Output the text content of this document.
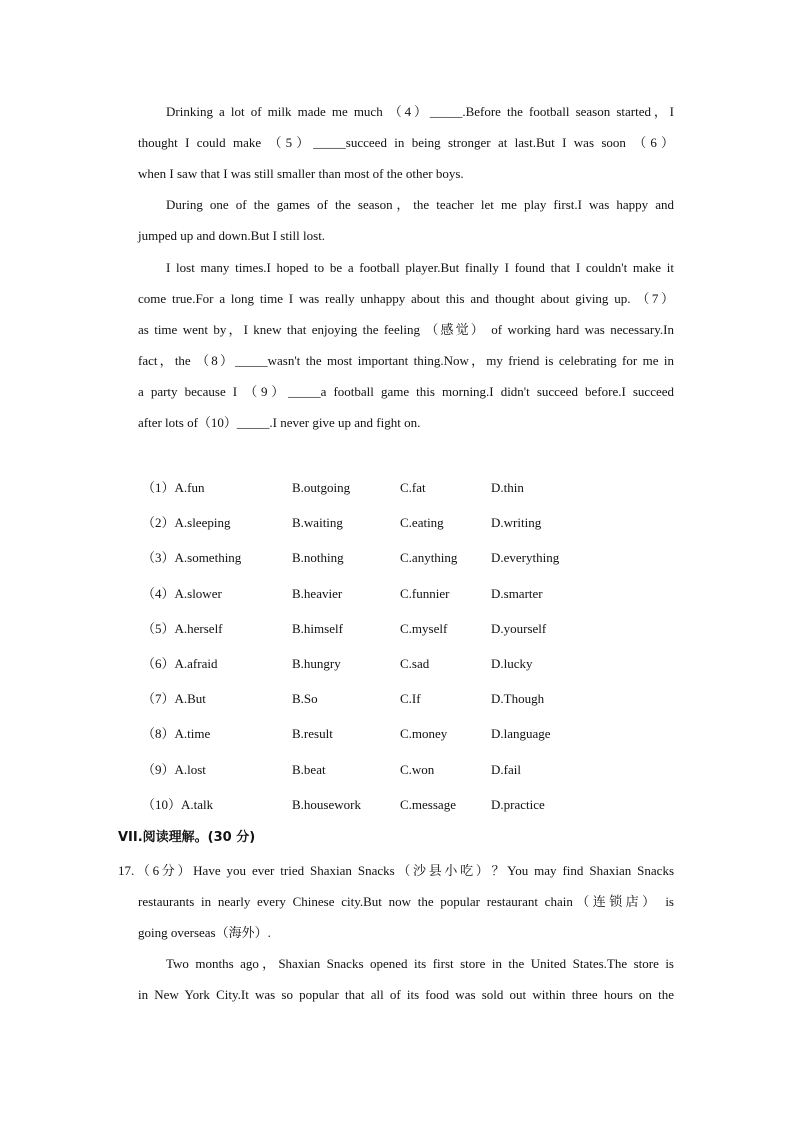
Drinking a lot of milk made me much （4）_____.Before the football season started，I
thought I could make （5）_____succeed in being stronger at last.But I was soon （6）
when I saw that I was still smaller than most of the other boys.
During one of the games of the season，the teacher let me play first.I was happy and
jumped up and down.But I still lost.
I lost many times.I hoped to be a football player.But finally I found that I couldn't make it
come true.For a long time I was really unhappy about this and thought about giving up. （7）
as time went by，I knew that enjoying the feeling （感觉） of working hard was necessary.In
fact，the （8）_____wasn't the most important thing.Now，my friend is celebrating for me in
a party because I （9）_____a football game this morning.I didn't succeed before.I succeed
after lots of（10）_____.I never give up and fight on.
（1）A.fun	B.outgoing	C.fat	D.thin
（2）A.sleeping	B.waiting	C.eating	D.writing
（3）A.something	B.nothing	C.anything	D.everything
（4）A.slower	B.heavier	C.funnier	D.smarter
（5）A.herself	B.himself	C.myself	D.yourself
（6）A.afraid	B.hungry	C.sad	D.lucky
（7）A.But	B.So	C.If	D.Though
（8）A.time	B.result	C.money	D.language
（9）A.lost	B.beat	C.won	D.fail
（10）A.talk	B.housework	C.message	D.practice
VII.阅读理解。(30 分)
17.（6分）Have you ever tried Shaxian Snacks（沙县小吃）？You may find Shaxian Snacks
restaurants in nearly every Chinese city.But now the popular restaurant chain（连锁店） is
going overseas（海外）.
Two months ago，Shaxian Snacks opened its first store in the United States.The store is
in New York City.It was so popular that all of its food was sold out within three hours on the
